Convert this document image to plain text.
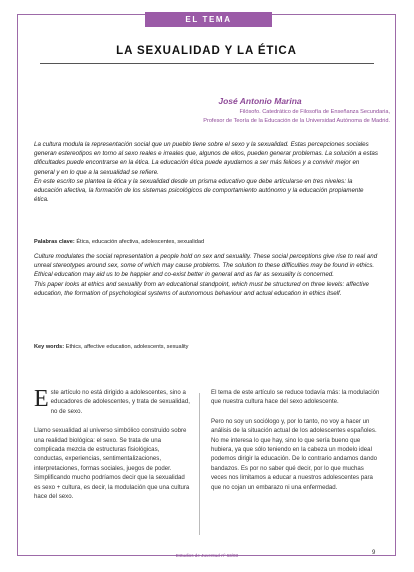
EL TEMA
LA SEXUALIDAD Y LA ÉTICA
José Antonio Marina
Filósofo. Catedrático de Filosofía de Enseñanza Secundaria,
Profesor de Teoría de la Educación de la Universidad Autónoma de Madrid.
La cultura modula la representación social que un pueblo tiene sobre el sexo y la sexualidad. Estas percepciones sociales generan estereotipos en torno al sexo reales e irreales que, algunos de ellos, pueden generar problemas. La solución a estas dificultades puede encontrarse en la ética. La educación ética puede ayudarnos a ser más felices y a convivir mejor en general y en lo que a la sexualidad se refiere.
En este escrito se plantea la ética y la sexualidad desde un prisma educativo que debe articularse en tres niveles: la educación afectiva, la formación de los sistemas psicológicos de comportamiento autónomo y la educación propiamente ética.
Palabras clave: Ética, educación afectiva, adolescentes, sexualidad
Culture modulates the social representation a people hold on sex and sexuality. These social perceptions give rise to real and unreal stereotypes around sex, some of which may cause problems. The solution to these difficulties may be found in ethics. Ethical education may aid us to be happier and co-exist better in general and as far as sexuality is concerned.
This paper looks at ethics and sexuality from an educational standpoint, which must be structured on three levels: affective education, the formation of psychological systems of autonomous behaviour and actual education in ethics itself.
Key words: Ethics, affective education, adolescents, sexuality

Este artículo no está dirigido a adolescentes, sino a educadores de adolescentes, y trata de sexualidad, no de sexo.

Llamo sexualidad al universo simbólico construido sobre una realidad biológica: el sexo. Se trata de una complicada mezcla de estructuras fisiológicas, conductas, experiencias, sentimentalizaciones, interpretaciones, formas sociales, juegos de poder. Simplificando mucho podríamos decir que la sexualidad es sexo + cultura, es decir, la modulación que una cultura hace del sexo.

El tema de este artículo se reduce todavía más: la modulación que nuestra cultura hace del sexo adolescente.

Pero no soy un sociólogo y, por lo tanto, no voy a hacer un análisis de la situación actual de los adolescentes españoles. No me interesa lo que hay, sino lo que sería bueno que hubiera, ya que sólo teniendo en la cabeza un modelo ideal podemos dirigir la educación. De lo contrario andamos dando bandazos. Es por no saber qué decir, por lo que muchas veces nos limitamos a educar a nuestros adolescentes para que no cojan un embarazo ni una enfermedad.

Estudios de Juventud nº 63/03	9
